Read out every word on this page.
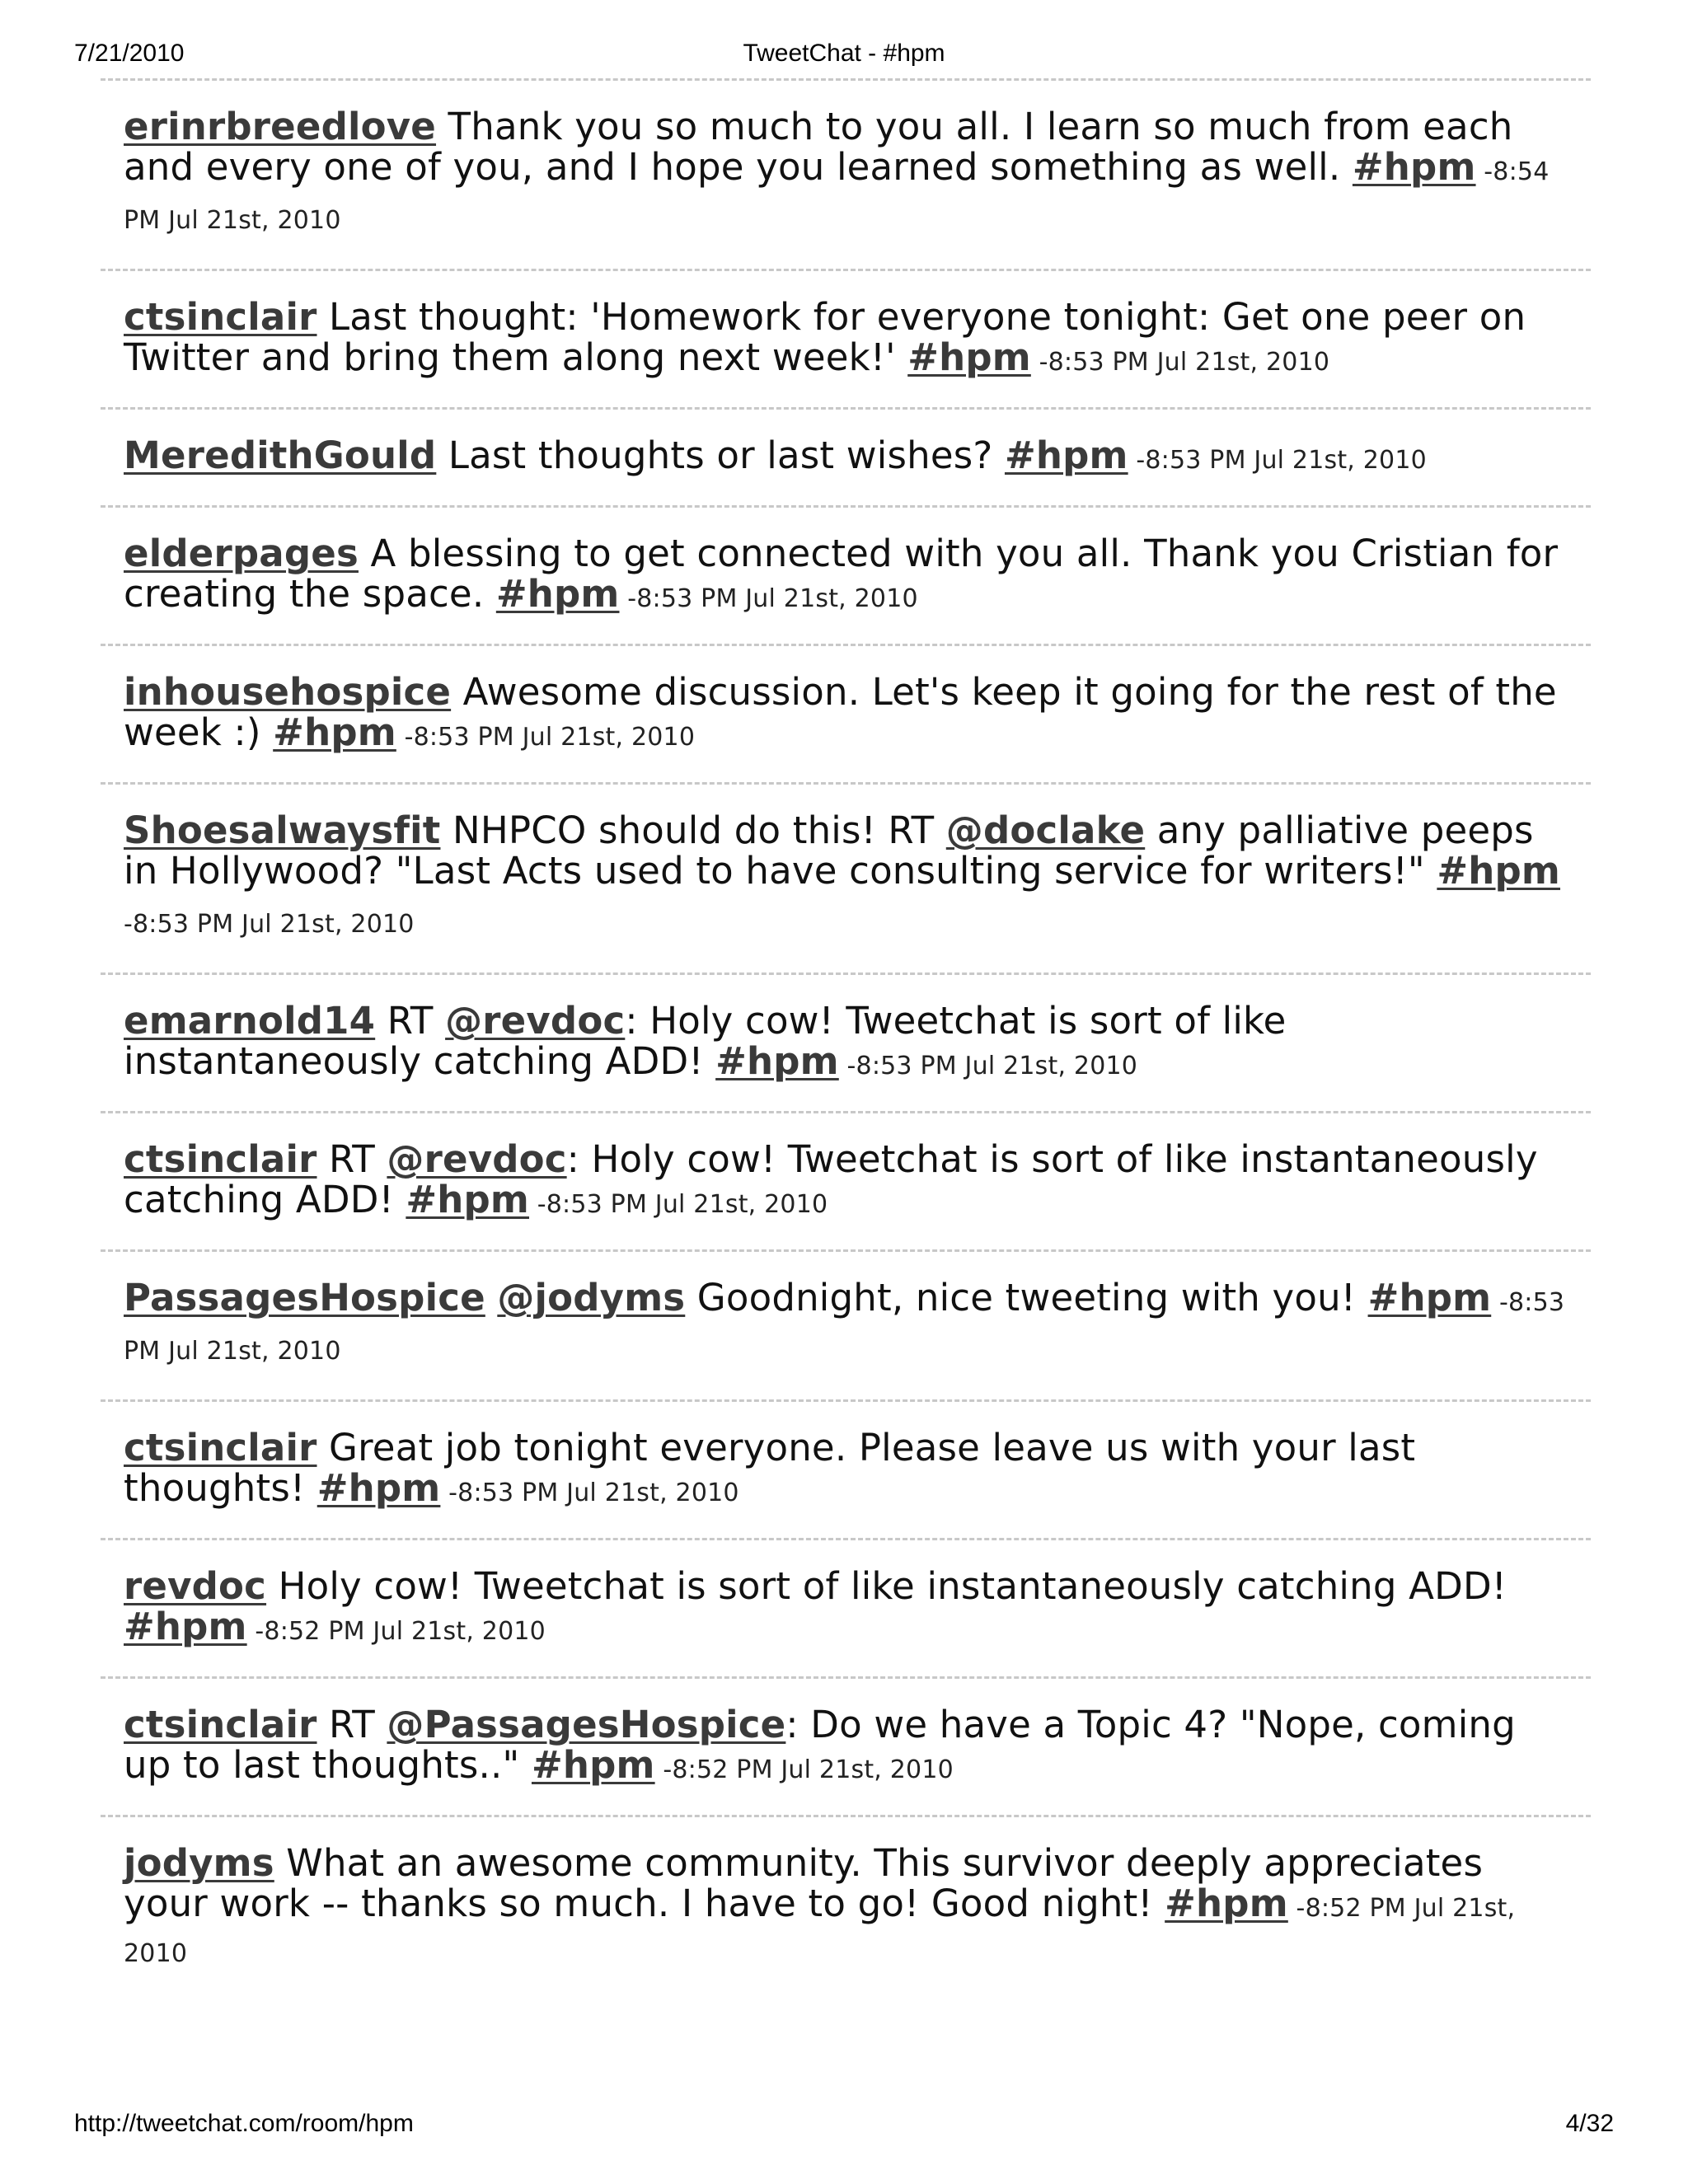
7/21/2010	TweetChat - #hpm
erinrbreedlove Thank you so much to you all. I learn so much from each and every one of you, and I hope you learned something as well. #hpm -8:54 PM Jul 21st, 2010
ctsinclair Last thought: 'Homework for everyone tonight: Get one peer on Twitter and bring them along next week!' #hpm -8:53 PM Jul 21st, 2010
MeredithGould Last thoughts or last wishes? #hpm -8:53 PM Jul 21st, 2010
elderpages A blessing to get connected with you all. Thank you Cristian for creating the space. #hpm -8:53 PM Jul 21st, 2010
inhousehospice Awesome discussion. Let's keep it going for the rest of the week :) #hpm -8:53 PM Jul 21st, 2010
Shoesalwaysfit NHPCO should do this! RT @doclake any palliative peeps in Hollywood? "Last Acts used to have consulting service for writers!" #hpm -8:53 PM Jul 21st, 2010
emarnold14 RT @revdoc: Holy cow! Tweetchat is sort of like instantaneously catching ADD! #hpm -8:53 PM Jul 21st, 2010
ctsinclair RT @revdoc: Holy cow! Tweetchat is sort of like instantaneously catching ADD! #hpm -8:53 PM Jul 21st, 2010
PassagesHospice @jodyms Goodnight, nice tweeting with you! #hpm -8:53 PM Jul 21st, 2010
ctsinclair Great job tonight everyone. Please leave us with your last thoughts! #hpm -8:53 PM Jul 21st, 2010
revdoc Holy cow! Tweetchat is sort of like instantaneously catching ADD! #hpm -8:52 PM Jul 21st, 2010
ctsinclair RT @PassagesHospice: Do we have a Topic 4? "Nope, coming up to last thoughts.." #hpm -8:52 PM Jul 21st, 2010
jodyms What an awesome community. This survivor deeply appreciates your work -- thanks so much. I have to go! Good night! #hpm -8:52 PM Jul 21st, 2010
http://tweetchat.com/room/hpm	4/32
